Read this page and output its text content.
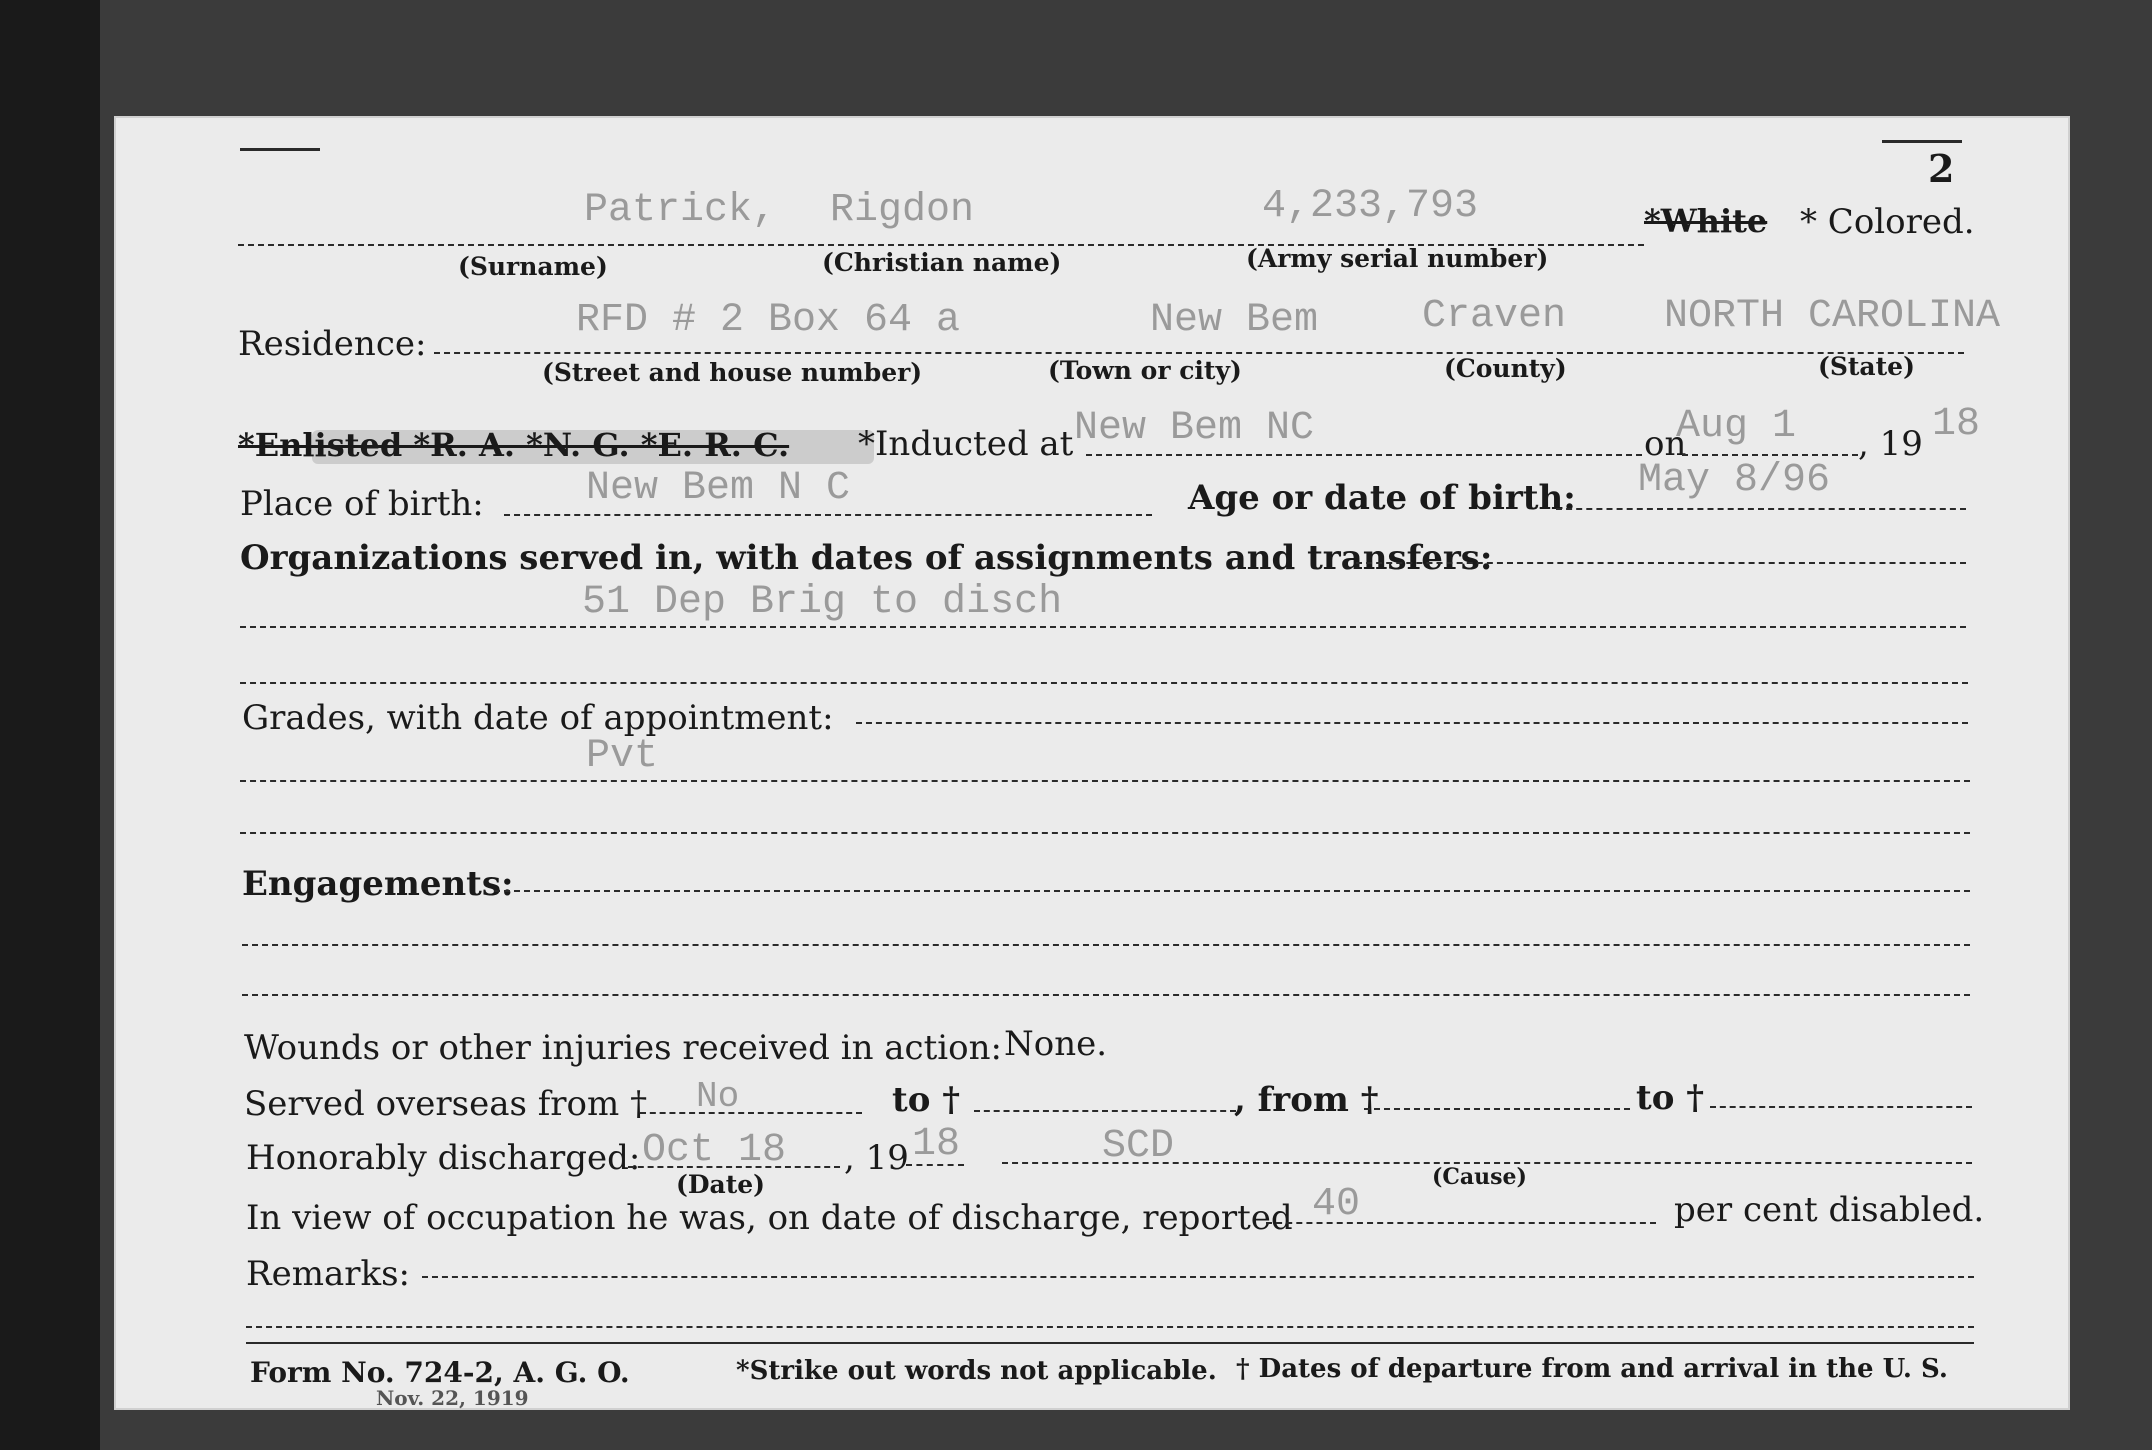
2
Patrick, Rigdon	4,233,793	*White * Colored.
(Surname)	(Christian name)	(Army serial number)
Residence:
RFD # 2 Box 64 a	New Bem	Craven NORTH CAROLINA
(Street and house number)	(Town or city)	(County)	(State)
*Enlisted *R. A. *N. G. *E. R. C. *Inducted at New Bem NC	on
Aug 1 , 19 18
Place of birth:	New Bem N C	Age or date of birth: May 8/96
Organizations served in, with dates of assignments and transfers:
51 Dep Brig to disch
Grades, with date of appointment:
Pvt
Engagements:
Wounds or other injuries received in action: None.
Served overseas from † No	to †	, from †	to †
Honorably discharged: Oct 18 , 19 18	SCD
(Date)	(Cause)
In view of occupation he was, on date of discharge, reported 40	per cent disabled.
Remarks:
Form No. 724-2, A. G. O.
Nov. 22, 1919
*Strike out words not applicable. † Dates of departure from and arrival in the U. S.
